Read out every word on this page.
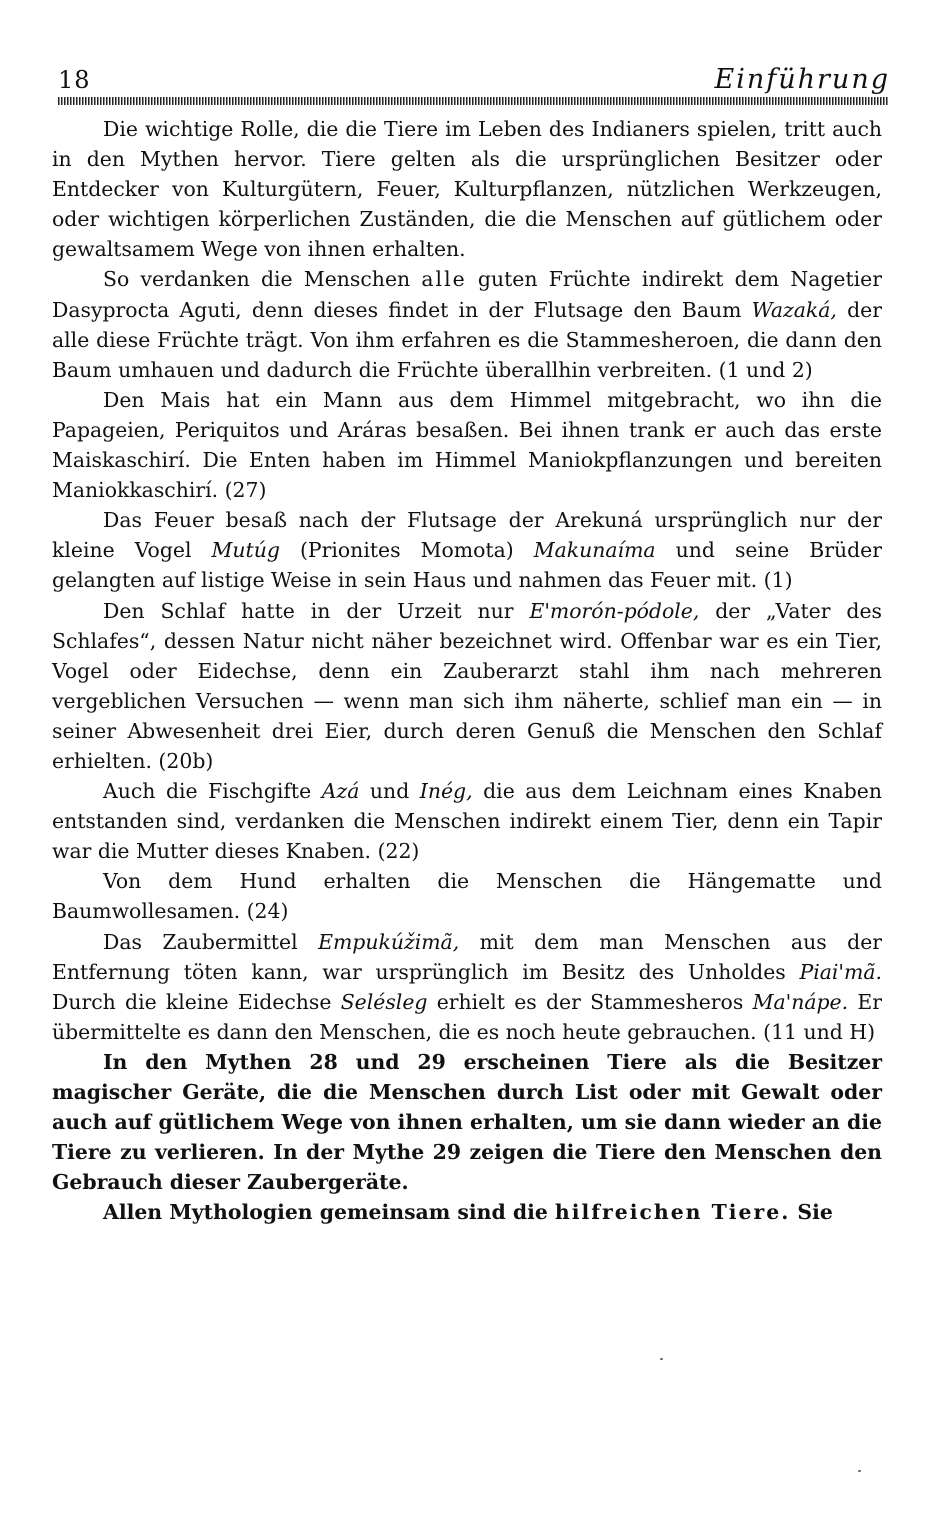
18	Einführung

Die wichtige Rolle, die die Tiere im Leben des Indianers spielen, tritt auch in den Mythen hervor. Tiere gelten als die ursprünglichen Besitzer oder Entdecker von Kulturgütern, Feuer, Kulturpflanzen, nützlichen Werkzeugen, oder wichtigen körperlichen Zuständen, die die Menschen auf gütlichem oder gewaltsamem Wege von ihnen erhalten.

So verdanken die Menschen alle guten Früchte indirekt dem Nagetier Dasyprocta Aguti, denn dieses findet in der Flutsage den Baum Wazaká, der alle diese Früchte trägt. Von ihm erfahren es die Stammesheroen, die dann den Baum umhauen und dadurch die Früchte überallhin verbreiten. (1 und 2)

Den Mais hat ein Mann aus dem Himmel mitgebracht, wo ihn die Papageien, Periquitos und Aráras besaßen. Bei ihnen trank er auch das erste Maiskaschirí. Die Enten haben im Himmel Maniokpflanzungen und bereiten Maniokkaschirí. (27)

Das Feuer besaß nach der Flutsage der Arekuná ursprünglich nur der kleine Vogel Mutúg (Prionites Momota) Makunaíma und seine Brüder gelangten auf listige Weise in sein Haus und nahmen das Feuer mit. (1)

Den Schlaf hatte in der Urzeit nur E'morón-pódole, der „Vater des Schlafes“, dessen Natur nicht näher bezeichnet wird. Offenbar war es ein Tier, Vogel oder Eidechse, denn ein Zauberarzt stahl ihm nach mehreren vergeblichen Versuchen — wenn man sich ihm näherte, schlief man ein — in seiner Abwesenheit drei Eier, durch deren Genuß die Menschen den Schlaf erhielten. (20b)

Auch die Fischgifte Azá und Inég, die aus dem Leichnam eines Knaben entstanden sind, verdanken die Menschen indirekt einem Tier, denn ein Tapir war die Mutter dieses Knaben. (22)

Von dem Hund erhalten die Menschen die Hängematte und Baumwollesamen. (24)

Das Zaubermittel Empukúžimã, mit dem man Menschen aus der Entfernung töten kann, war ursprünglich im Besitz des Unholdes Piai'mã. Durch die kleine Eidechse Selésleg erhielt es der Stammesheros Ma'nápe. Er übermittelte es dann den Menschen, die es noch heute gebrauchen. (11 und H)

In den Mythen 28 und 29 erscheinen Tiere als die Besitzer magischer Geräte, die die Menschen durch List oder mit Gewalt oder auch auf gütlichem Wege von ihnen erhalten, um sie dann wieder an die Tiere zu verlieren. In der Mythe 29 zeigen die Tiere den Menschen den Gebrauch dieser Zaubergeräte.

Allen Mythologien gemeinsam sind die hilfreichen Tiere. Sie
